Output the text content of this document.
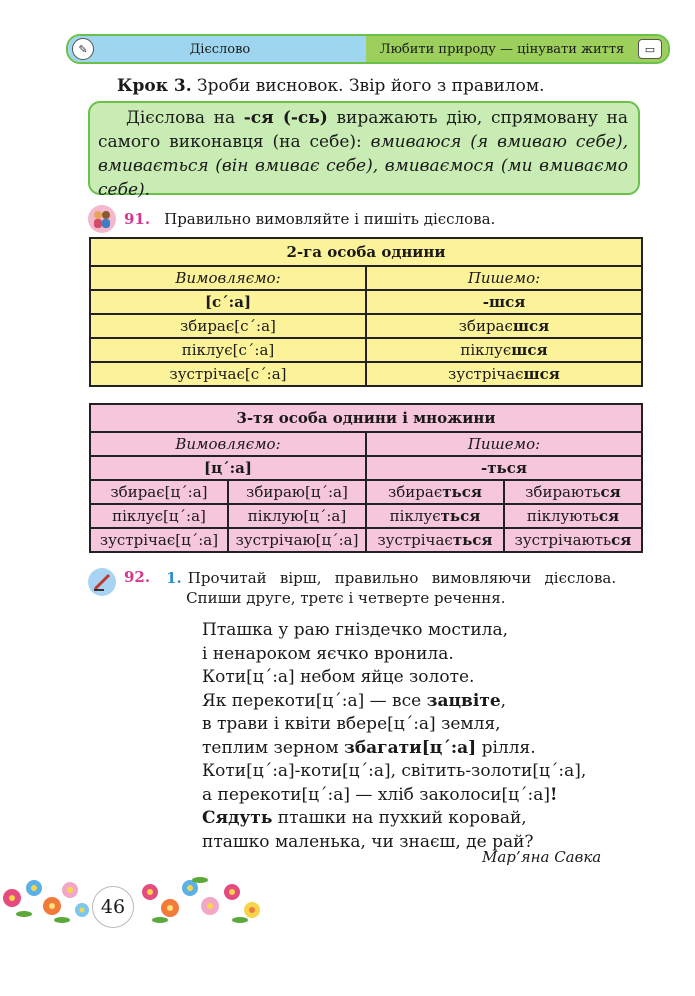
✎	Дієслово	Любити природу — цінувати життя	▭
Крок 3. Зроби висновок. Звір його з правилом.
Дієслова на -ся (-сь) виражають дію, спрямовану на самого виконавця (на себе): вмиваюся (я вмиваю себе), вмивається (він вмиває себе), вмиваємося (ми вмиваємо себе).
91. Правильно вимовляйте і пишіть дієслова.
2-га особа однини	
Вимовляємо:	Пишемо:
[с´:а]	-шся
збирає[с´:а]	збираєшся
піклує[с´:а]	піклуєшся
зустрічає[с´:а]	зустрічаєшся
3-тя особа однини і множини			
Вимовляємо:		Пишемо:	
[ц´:а]		-ться	
збирає[ц´:а]	збираю[ц´:а]	збирається	збираються
піклує[ц´:а]	піклую[ц´:а]	піклується	піклуються
зустрічає[ц´:а]	зустрічаю[ц´:а]	зустрічається	зустрічаються
92. 1. Прочитай вірш, правильно вимовляючи дієслова.
Спиши друге, третє і четверте речення.
Пташка у раю гніздечко мостила,
і ненароком яєчко вронила.
Коти[ц´:а] небом яйце золоте.
Як перекоти[ц´:а] — все зацвіте,
в трави і квіти вбере[ц´:а] земля,
теплим зерном збагати[ц´:а] рілля.
Коти[ц´:а]-коти[ц´:а], світить-золоти[ц´:а],
а перекоти[ц´:а] — хліб заколоси[ц´:а]!
Сядуть пташки на пухкий коровай,
пташко маленька, чи знаєш, де рай?
Мар’яна Савка
46
